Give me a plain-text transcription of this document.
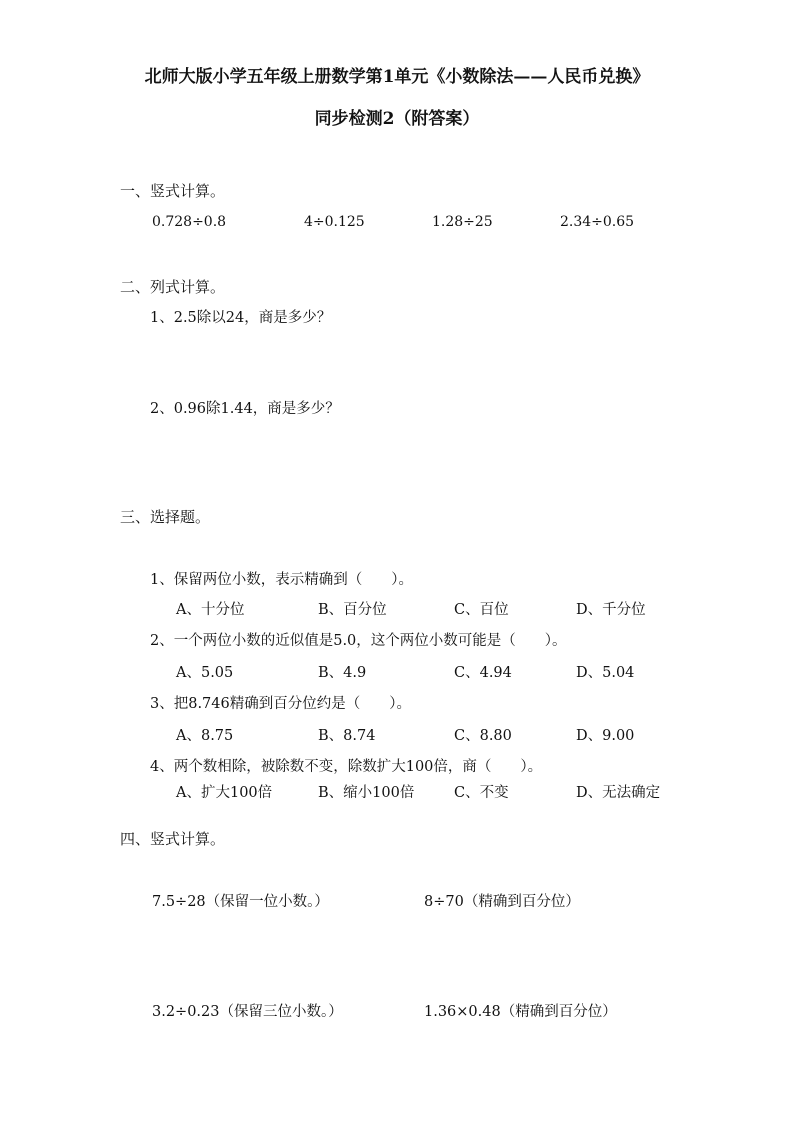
北师大版小学五年级上册数学第1单元《小数除法——人民币兑换》
同步检测2（附答案）
一、竖式计算。
0.728÷0.8	4÷0.125	1.28÷25	2.34÷0.65
二、列式计算。
1、2.5除以24，商是多少？
2、0.96除1.44，商是多少？
三、选择题。
1、保留两位小数，表示精确到（　　）。
A、十分位	B、百分位	C、百位	D、千分位
2、一个两位小数的近似值是5.0，这个两位小数可能是（　　）。
A、5.05	B、4.9	C、4.94	D、5.04
3、把8.746精确到百分位约是（　　）。
A、8.75	B、8.74	C、8.80	D、9.00
4、两个数相除，被除数不变，除数扩大100倍，商（　　）。
A、扩大100倍	B、缩小100倍	C、不变	D、无法确定
四、竖式计算。
7.5÷28（保留一位小数。）	8÷70（精确到百分位）
3.2÷0.23（保留三位小数。）	1.36×0.48（精确到百分位）
